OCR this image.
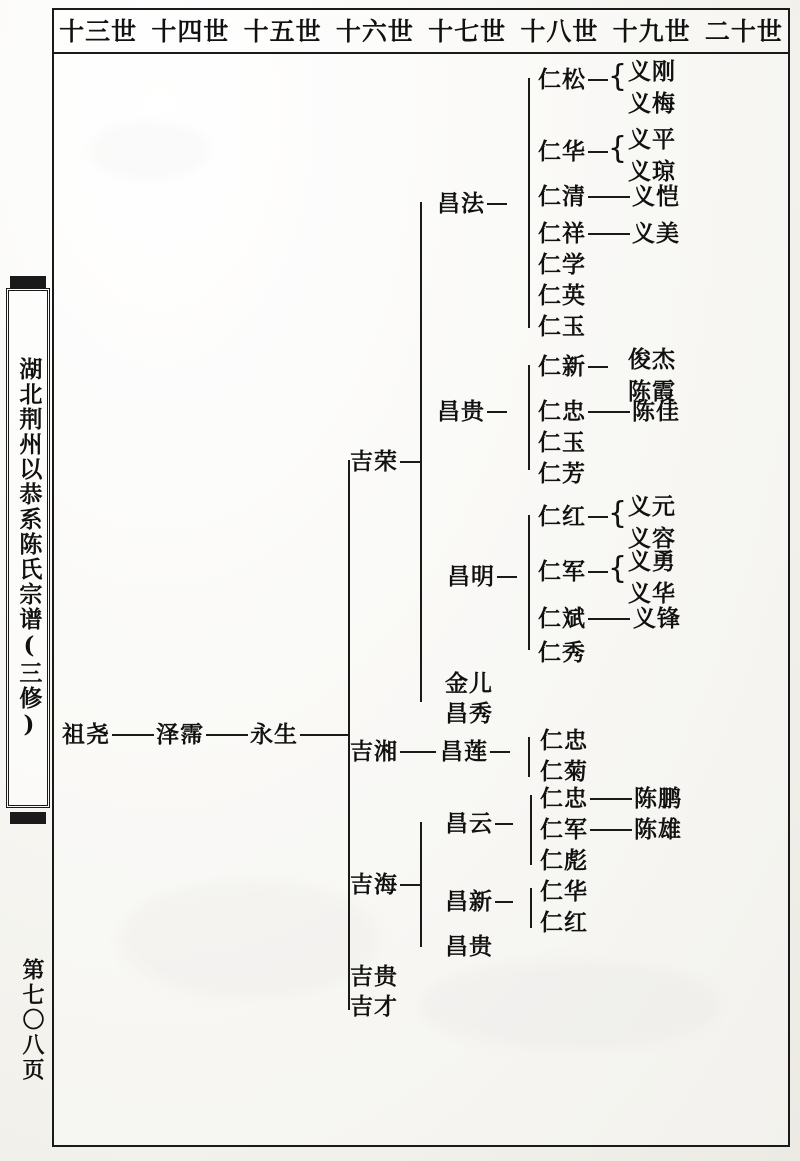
十三世 十四世 十五世 十六世 十七世 十八世 十九世 二十世
湖北荆州以恭系陈氏宗谱(三修)
第七〇八页
祖尧 泽霈 永生
吉荣
吉湘
吉海
吉贵
吉才
昌法
昌贵
昌明
金儿
昌秀
昌莲
昌云
昌新
昌贵
仁松
仁华
仁清
仁祥
仁学
仁英
仁玉
仁新
仁忠
仁玉
仁芳
仁红
仁军
仁斌
仁秀
仁忠
仁菊
仁忠
仁军
仁彪
仁华
仁红
{ 义刚
义梅
{ 义平
义琼
义恺
义美
俊杰
陈霞
陈佳
{ 义元
义容
{ 义勇
义华
义锋
陈鹏
陈雄
